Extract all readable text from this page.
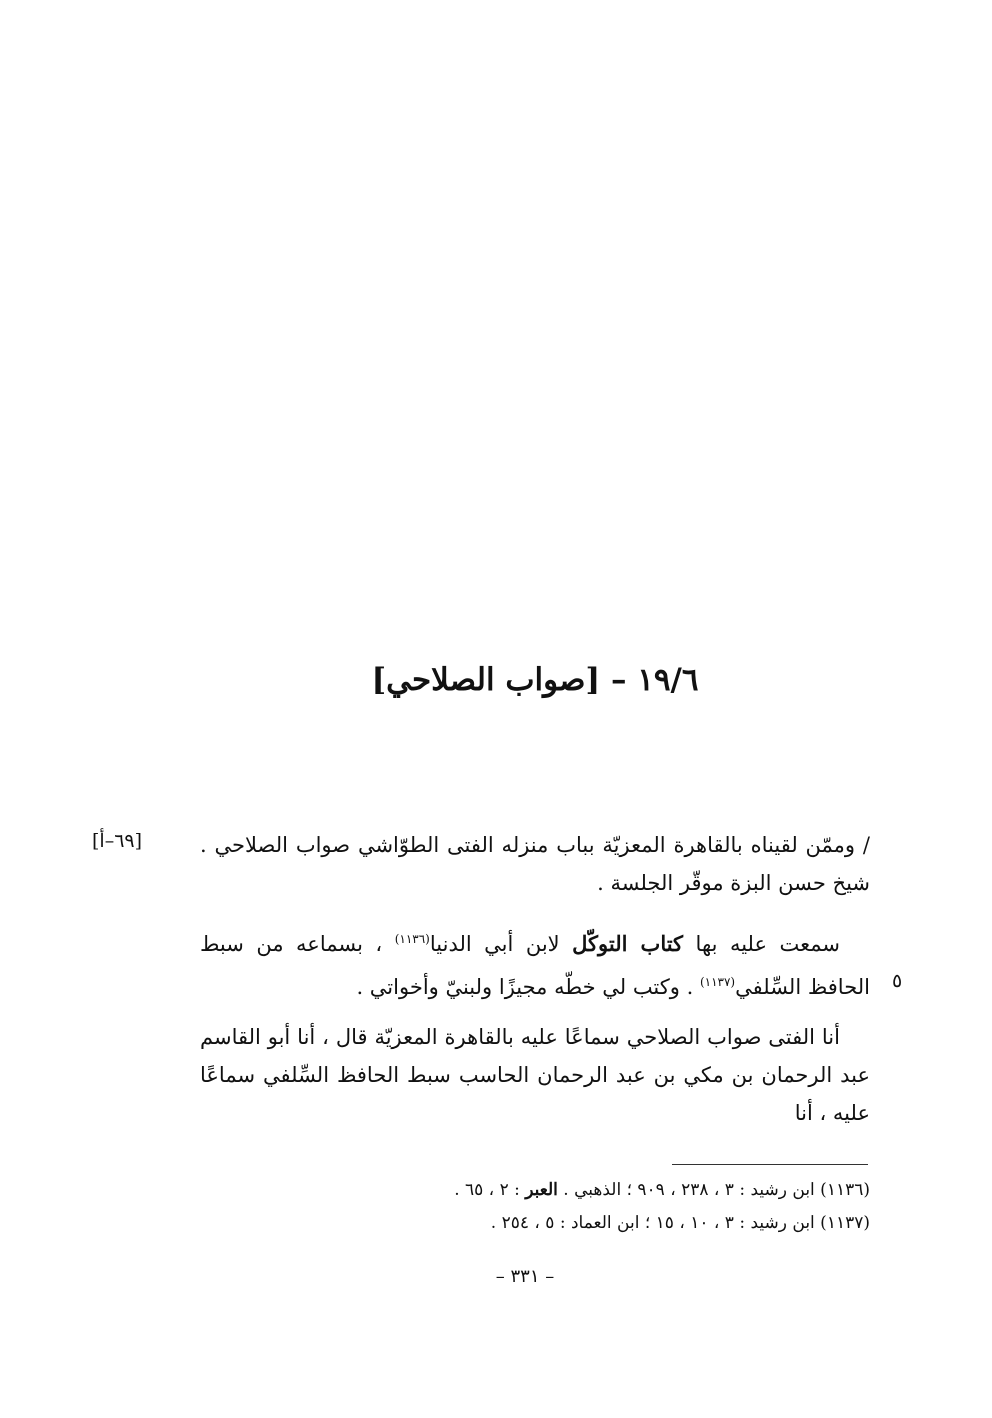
١٩/٦ – [صواب الصلاحي]
[٦٩–أ]
٥

/ وممّن لقيناه بالقاهرة المعزيّة بباب منزله الفتى الطوّاشي صواب الصلاحي . شيخ حسن البزة موقّر الجلسة .

سمعت عليه بها كتاب التوكّل لابن أبي الدنيا$^{(١١٣٦)}$ ، بسماعه من سبط الحافظ السِّلفي$^{(١١٣٧)}$ . وكتب لي خطّه مجيزًا ولبنيّ وأخواتي .

أنا الفتى صواب الصلاحي سماعًا عليه بالقاهرة المعزيّة قال ، أنا أبو القاسم عبد الرحمان بن مكي بن عبد الرحمان الحاسب سبط الحافظ السِّلفي سماعًا عليه ، أنا

(١١٣٦) ابن رشيد : ٣ ، ٢٣٨ ، ٩٠٩ ؛ الذهبي . العبر : ٢ ، ٦٥ .

(١١٣٧) ابن رشيد : ٣ ، ١٠ ، ١٥ ؛ ابن العماد : ٥ ، ٢٥٤ .

– ٣٣١ –
